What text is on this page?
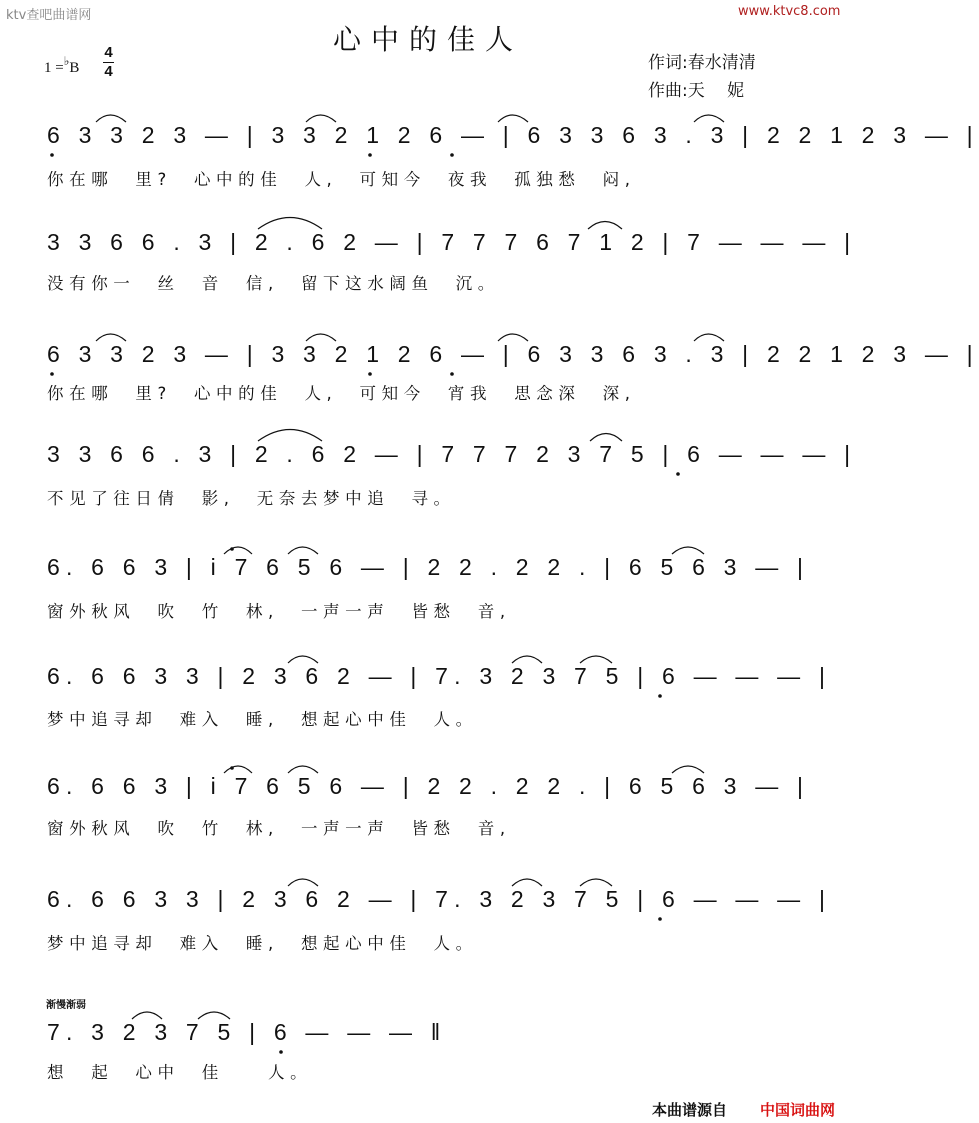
ktv查吧曲谱网	www.ktvc8.com
心中的佳人
1 =♭B
4
4	作词:春水清清
作曲:天　 妮
6 3 3 2 3 — | 3 3 2 1 2 6 — | 6 3 3 6 3 . 3 | 2 2 1 2 3 — |
你在哪　里?　心中的佳　人,　可知今　夜我　孤独愁　闷,
3 3 6 6 . 3 | 2 . 6 2 — | 7 7 7 6 7 1 2 | 7 — — — |
没有你一　丝　音　信,　留下这水阔鱼　沉。
6 3 3 2 3 — | 3 3 2 1 2 6 — | 6 3 3 6 3 . 3 | 2 2 1 2 3 — |
你在哪　里?　心中的佳　人,　可知今　宵我　思念深　深,
3 3 6 6 . 3 | 2 . 6 2 — | 7 7 7 2 3 7 5 | 6 — — — |
不见了往日倩　影,　无奈去梦中追　寻。
6. 6 6 3 | i 7 6 5 6 — | 2 2 . 2 2 . | 6 5 6 3 — |
窗外秋风　吹　竹　林,　一声一声　皆愁　音,
6. 6 6 3 3 | 2 3 6 2 — | 7. 3 2 3 7 5 | 6 — — — |
梦中追寻却　难入　睡,　想起心中佳　人。
6. 6 6 3 | i 7 6 5 6 — | 2 2 . 2 2 . | 6 5 6 3 — |
窗外秋风　吹　竹　林,　一声一声　皆愁　音,
6. 6 6 3 3 | 2 3 6 2 — | 7. 3 2 3 7 5 | 6 — — — |
梦中追寻却　难入　睡,　想起心中佳　人。
渐慢渐弱
7. 3 2 3 7 5 | 6 — — — ‖
想　起　心中　佳　　人。
本曲谱源自 中国词曲网
